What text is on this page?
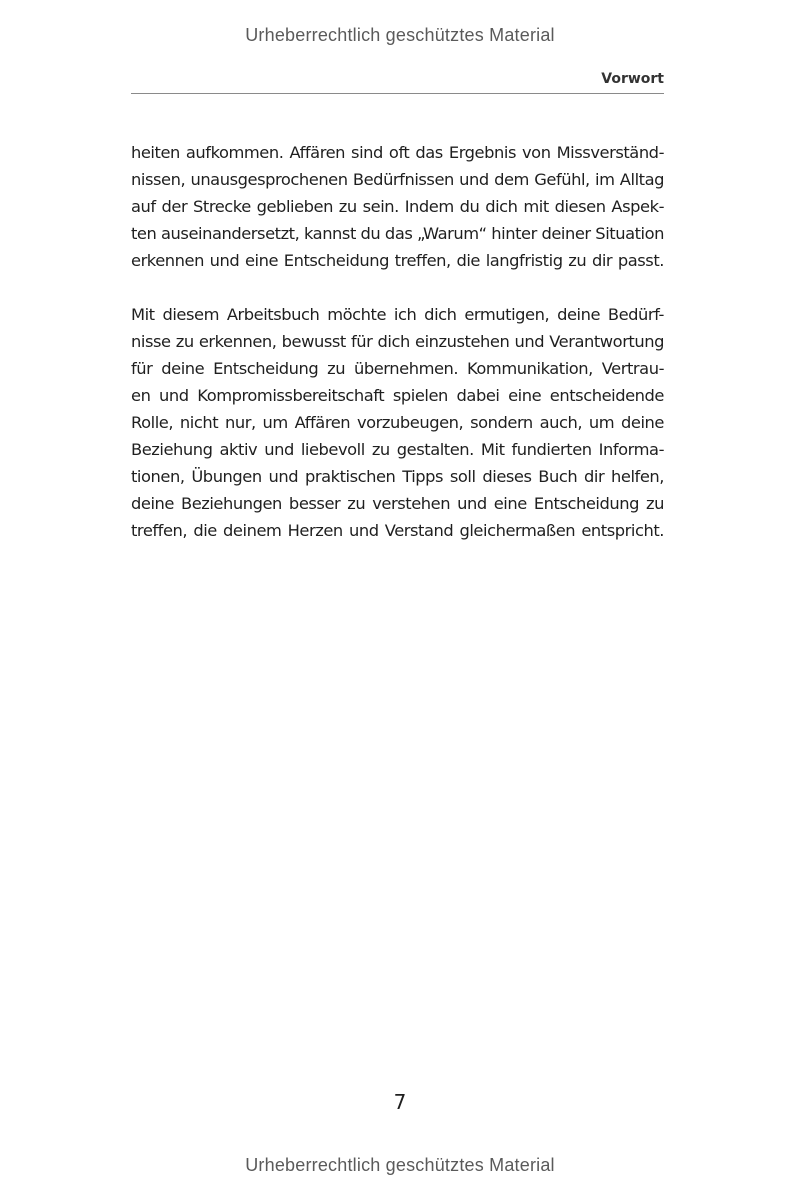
Urheberrechtlich geschütztes Material
Vorwort
heiten aufkommen. Affären sind oft das Ergebnis von Missverständ-
nissen, unausgesprochenen Bedürfnissen und dem Gefühl, im Alltag
auf der Strecke geblieben zu sein. Indem du dich mit diesen Aspek-
ten auseinandersetzt, kannst du das „Warum“ hinter deiner Situation
erkennen und eine Entscheidung treffen, die langfristig zu dir passt.
Mit diesem Arbeitsbuch möchte ich dich ermutigen, deine Bedürf-
nisse zu erkennen, bewusst für dich einzustehen und Verantwortung
für deine Entscheidung zu übernehmen. Kommunikation, Vertrau-
en und Kompromissbereitschaft spielen dabei eine entscheidende
Rolle, nicht nur, um Affären vorzubeugen, sondern auch, um deine
Beziehung aktiv und liebevoll zu gestalten. Mit fundierten Informa-
tionen, Übungen und praktischen Tipps soll dieses Buch dir helfen,
deine Beziehungen besser zu verstehen und eine Entscheidung zu
treffen, die deinem Herzen und Verstand gleichermaßen entspricht.
7
Urheberrechtlich geschütztes Material
